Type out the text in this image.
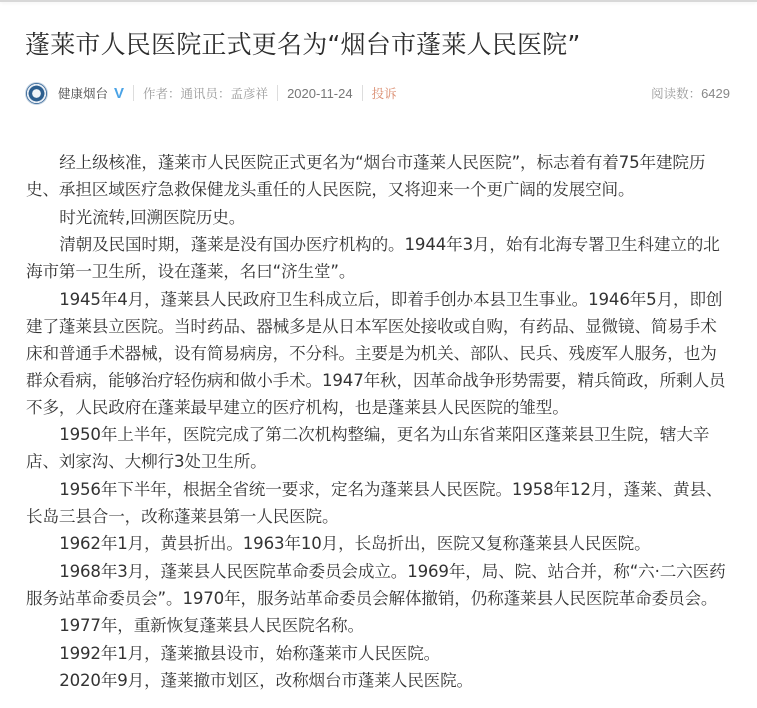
蓬莱市人民医院正式更名为“烟台市蓬莱人民医院”
健康烟台 V 作者： 通讯员：孟彦祥 2020-11-24 投诉	阅读数：6429

经上级核准，蓬莱市人民医院正式更名为“烟台市蓬莱人民医院”，标志着有着75年建院历史、承担区域医疗急救保健龙头重任的人民医院，又将迎来一个更广阔的发展空间。

时光流转,回溯医院历史。

清朝及民国时期，蓬莱是没有国办医疗机构的。1944年3月，始有北海专署卫生科建立的北海市第一卫生所，设在蓬莱，名曰“济生堂”。

1945年4月，蓬莱县人民政府卫生科成立后，即着手创办本县卫生事业。1946年5月，即创建了蓬莱县立医院。当时药品、器械多是从日本军医处接收或自购，有药品、显微镜、简易手术床和普通手术器械，设有简易病房，不分科。主要是为机关、部队、民兵、残废军人服务，也为群众看病，能够治疗轻伤病和做小手术。1947年秋，因革命战争形势需要，精兵简政，所剩人员不多，人民政府在蓬莱最早建立的医疗机构，也是蓬莱县人民医院的雏型。

1950年上半年，医院完成了第二次机构整编，更名为山东省莱阳区蓬莱县卫生院，辖大辛店、刘家沟、大柳行3处卫生所。

1956年下半年，根据全省统一要求，定名为蓬莱县人民医院。1958年12月，蓬莱、黄县、长岛三县合一，改称蓬莱县第一人民医院。

1962年1月，黄县折出。1963年10月，长岛折出，医院又复称蓬莱县人民医院。

1968年3月，蓬莱县人民医院革命委员会成立。1969年，局、院、站合并，称“六·二六医药服务站革命委员会”。1970年，服务站革命委员会解体撤销，仍称蓬莱县人民医院革命委员会。

1977年，重新恢复蓬莱县人民医院名称。

1992年1月，蓬莱撤县设市，始称蓬莱市人民医院。

2020年9月，蓬莱撤市划区，改称烟台市蓬莱人民医院。
